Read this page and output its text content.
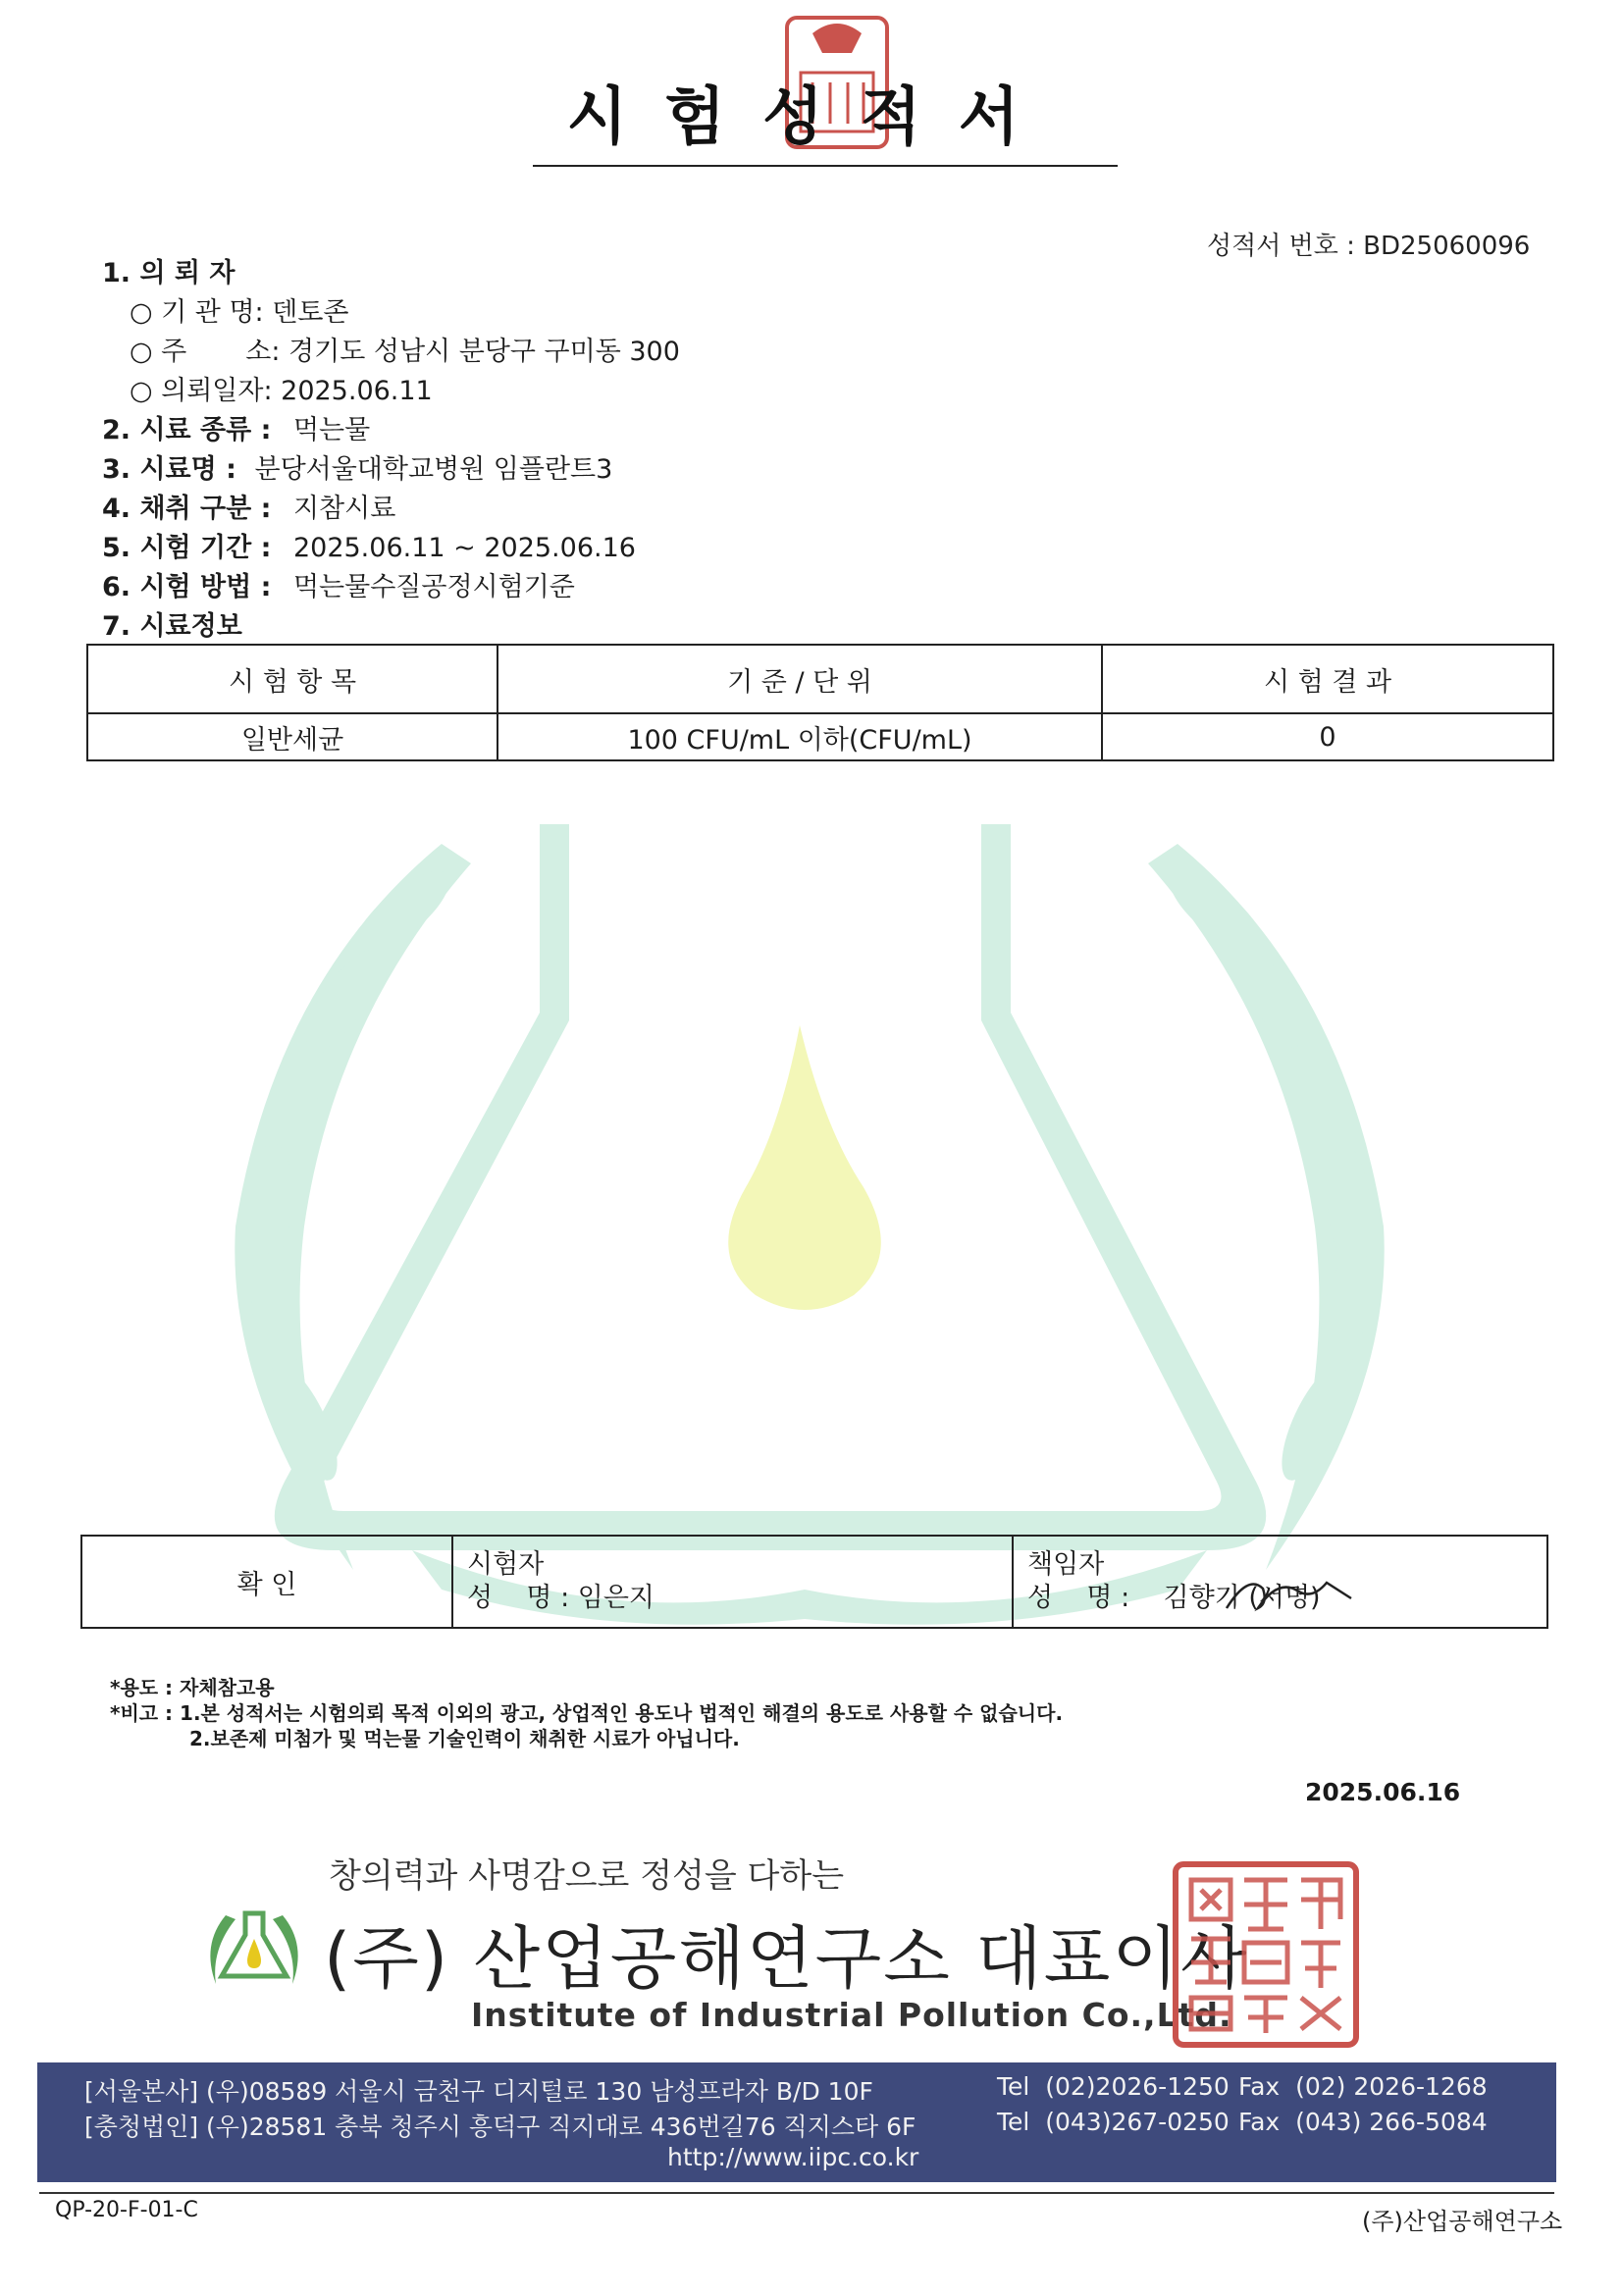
시험성적서
성적서 번호 : BD25060096
1. 의 뢰 자
○ 기 관 명: 덴토존
○ 주       소: 경기도 성남시 분당구 구미동 300
○ 의뢰일자: 2025.06.11
2. 시료 종류 : 먹는물
3. 시료명 : 분당서울대학교병원 임플란트3
4. 채취 구분 : 지참시료
5. 시험 기간 : 2025.06.11 ~ 2025.06.16
6. 시험 방법 : 먹는물수질공정시험기준
7. 시료정보
시 험 항 목	기 준 / 단 위	시 험 결 과
일반세균	100 CFU/mL 이하(CFU/mL)	0
확 인	
시험자
성    명 : 임은지

책임자
성    명 :    김향기 (서명)
*용도 : 자체참고용
*비고 : 1.본 성적서는 시험의뢰 목적 이외의 광고, 상업적인 용도나 법적인 해결의 용도로 사용할 수 없습니다.
2.보존제 미첨가 및 먹는물 기술인력이 채취한 시료가 아닙니다.
2025.06.16
창의력과 사명감으로 정성을 다하는
(주) 산업공해연구소 대표이사
Institute of Industrial Pollution Co.,Ltd.
[서울본사] (우)08589 서울시 금천구 디지털로 130 남성프라자 B/D 10F	Tel  (02)2026-1250 Fax  (02) 2026-1268
[충청법인] (우)28581 충북 청주시 흥덕구 직지대로 436번길76 직지스타 6F	Tel  (043)267-0250 Fax  (043) 266-5084
http://www.iipc.co.kr
QP-20-F-01-C	(주)산업공해연구소
